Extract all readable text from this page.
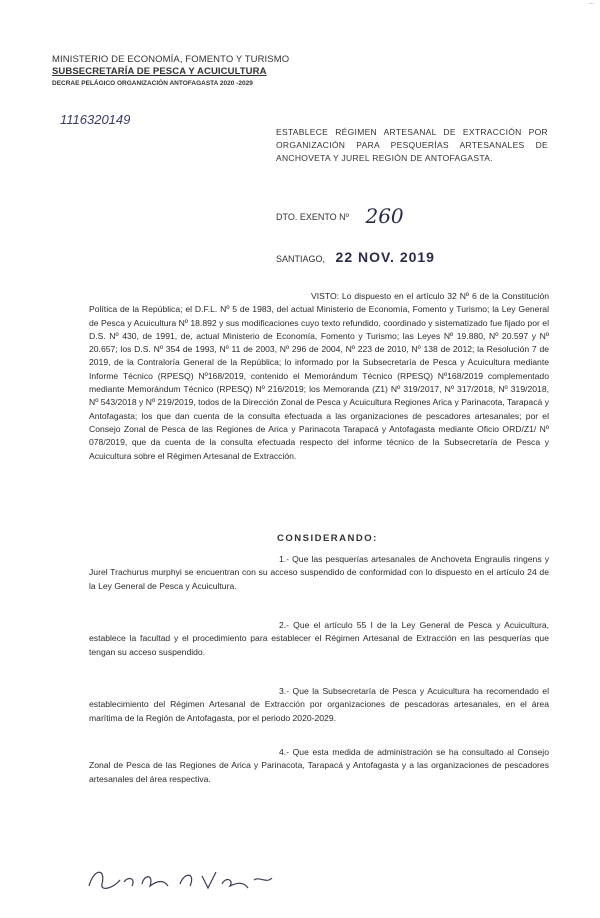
...
MINISTERIO DE ECONOMÍA, FOMENTO Y TURISMO
SUBSECRETARÍA DE PESCA Y ACUICULTURA
DECRAE PELÁGICO ORGANIZACIÓN ANTOFAGASTA 2020 -2029
1116320149
ESTABLECE RÉGIMEN ARTESANAL DE EXTRACCIÓN POR ORGANIZACIÓN PARA PESQUERÍAS ARTESANALES DE ANCHOVETA Y JUREL REGIÓN DE ANTOFAGASTA.
DTO. EXENTO Nº 260
SANTIAGO, 22 NOV. 2019
VISTO: Lo dispuesto en el artículo 32 Nº 6 de la Constitución Política de la República; el D.F.L. Nº 5 de 1983, del actual Ministerio de Economía, Fomento y Turismo; la Ley General de Pesca y Acuicultura Nº 18.892 y sus modificaciones cuyo texto refundido, coordinado y sistematizado fue fijado por el D.S. Nº 430, de 1991, de, actual Ministerio de Economía, Fomento y Turismo; las Leyes Nº 19.880, Nº 20.597 y Nº 20.657; los D.S. Nº 354 de 1993, Nº 11 de 2003, Nº 296 de 2004, Nº 223 de 2010, Nº 138 de 2012; la Resolución 7 de 2019, de la Contraloría General de la República; lo informado por la Subsecretaría de Pesca y Acuicultura mediante Informe Técnico (RPESQ) Nº168/2019, contenido el Memorándum Técnico (RPESQ) Nº168/2019 complementado mediante Memorándum Técnico (RPESQ) Nº 216/2019; los Memoranda (Z1) Nº 319/2017, Nº 317/2018, Nº 319/2018, Nº 543/2018 y Nº 219/2019, todos de la Dirección Zonal de Pesca y Acuicultura Regiones Arica y Parinacota, Tarapacá y Antofagasta; los que dan cuenta de la consulta efectuada a las organizaciones de pescadores artesanales; por el Consejo Zonal de Pesca de las Regiones de Arica y Parinacota Tarapacá y Antofagasta mediante Oficio ORD/Z1/ Nº 078/2019, que da cuenta de la consulta efectuada respecto del informe técnico de la Subsecretaría de Pesca y Acuicultura sobre el Régimen Artesanal de Extracción.
CONSIDERANDO:
1.- Que las pesquerías artesanales de Anchoveta Engraulis ringens y Jurel Trachurus murphyi se encuentran con su acceso suspendido de conformidad con lo dispuesto en el artículo 24 de la Ley General de Pesca y Acuicultura.
2.- Que el artículo 55 I de la Ley General de Pesca y Acuicultura, establece la facultad y el procedimiento para establecer el Régimen Artesanal de Extracción en las pesquerías que tengan su acceso suspendido.
3.- Que la Subsecretaría de Pesca y Acuicultura ha recomendado el establecimiento del Régimen Artesanal de Extracción por organizaciones de pescadoras artesanales, en el área marítima de la Región de Antofagasta, por el periodo 2020-2029.
4.- Que esta medida de administración se ha consultado al Consejo Zonal de Pesca de las Regiones de Arica y Parinacota, Tarapacá y Antofagasta y a las organizaciones de pescadores artesanales del área respectiva.
